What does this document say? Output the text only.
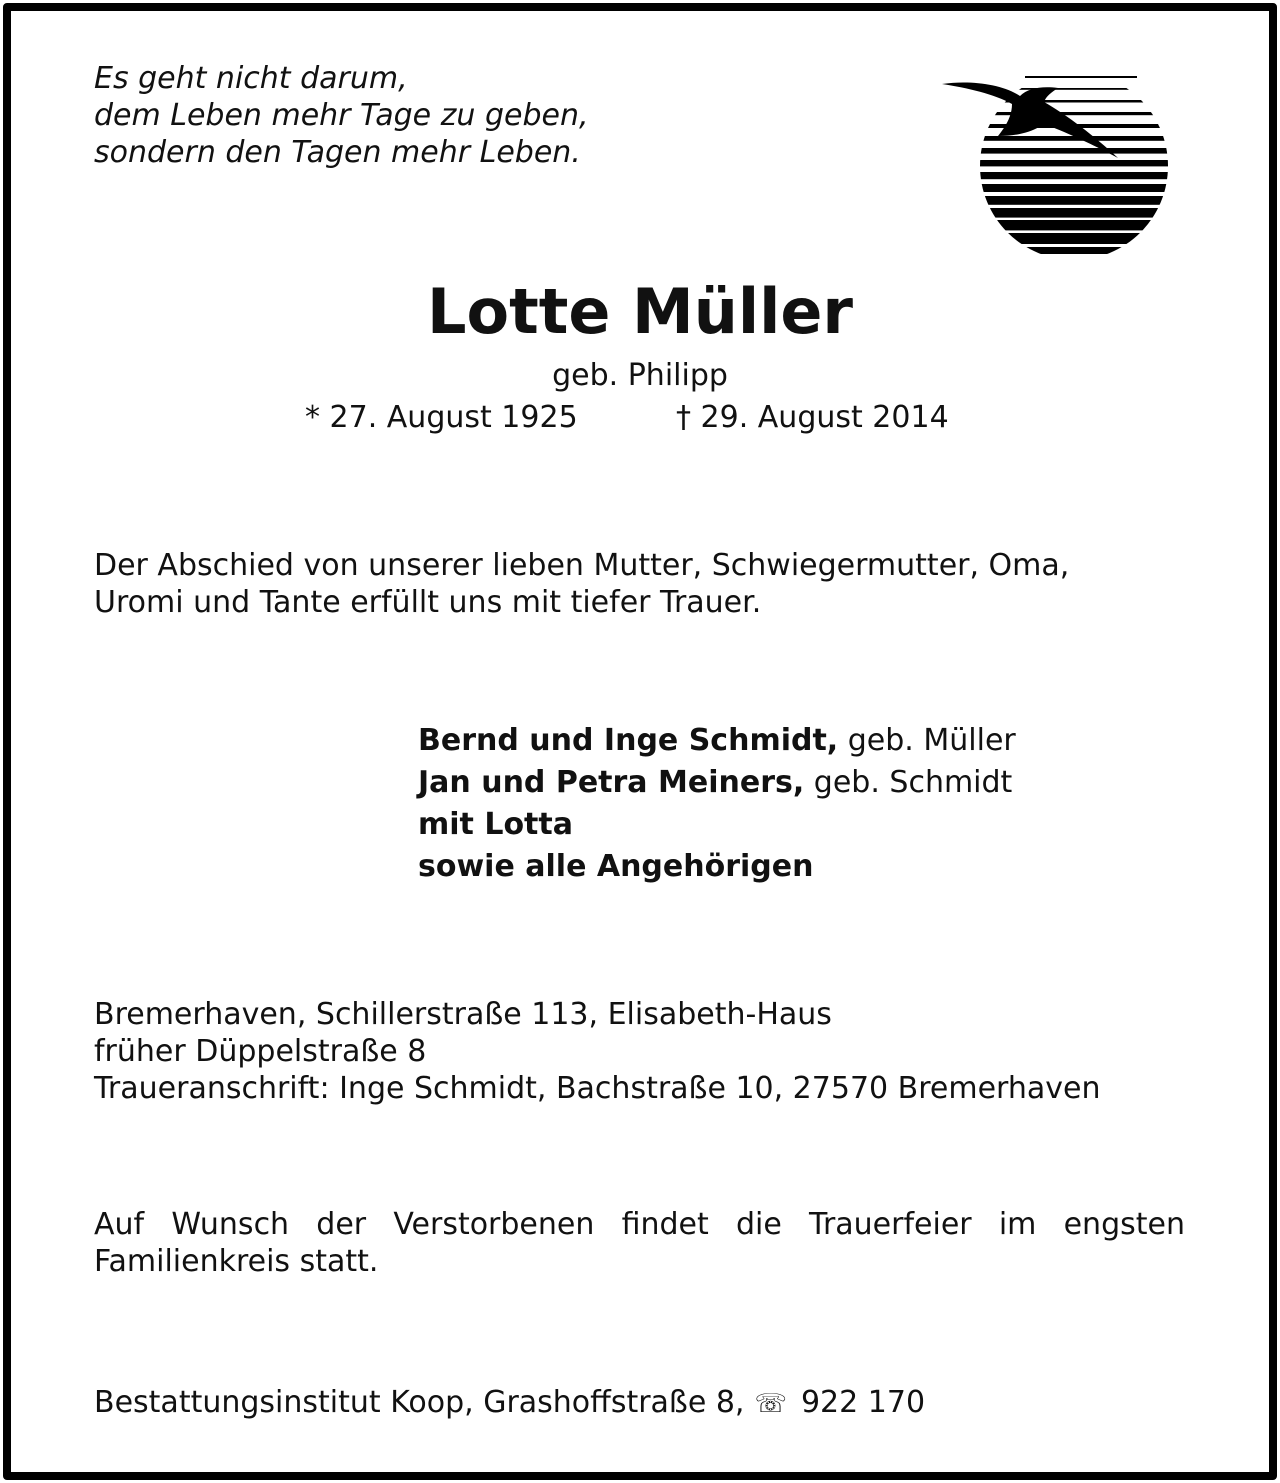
Es geht nicht darum,
dem Leben mehr Tage zu geben,
sondern den Tagen mehr Leben.
Lotte Müller
geb. Philipp
* 27. August 1925	† 29. August 2014
Der Abschied von unserer lieben Mutter, Schwiegermutter, Oma,
Uromi und Tante erfüllt uns mit tiefer Trauer.
Bernd und Inge Schmidt, geb. Müller
Jan und Petra Meiners, geb. Schmidt
mit Lotta
sowie alle Angehörigen
Bremerhaven, Schillerstraße 113, Elisabeth-Haus
früher Düppelstraße 8
Traueranschrift: Inge Schmidt, Bachstraße 10, 27570 Bremerhaven
Auf Wunsch der Verstorbenen findet die Trauerfeier im engsten
Familienkreis statt.
Bestattungsinstitut Koop, Grashoffstraße 8, ☏ 922 170
